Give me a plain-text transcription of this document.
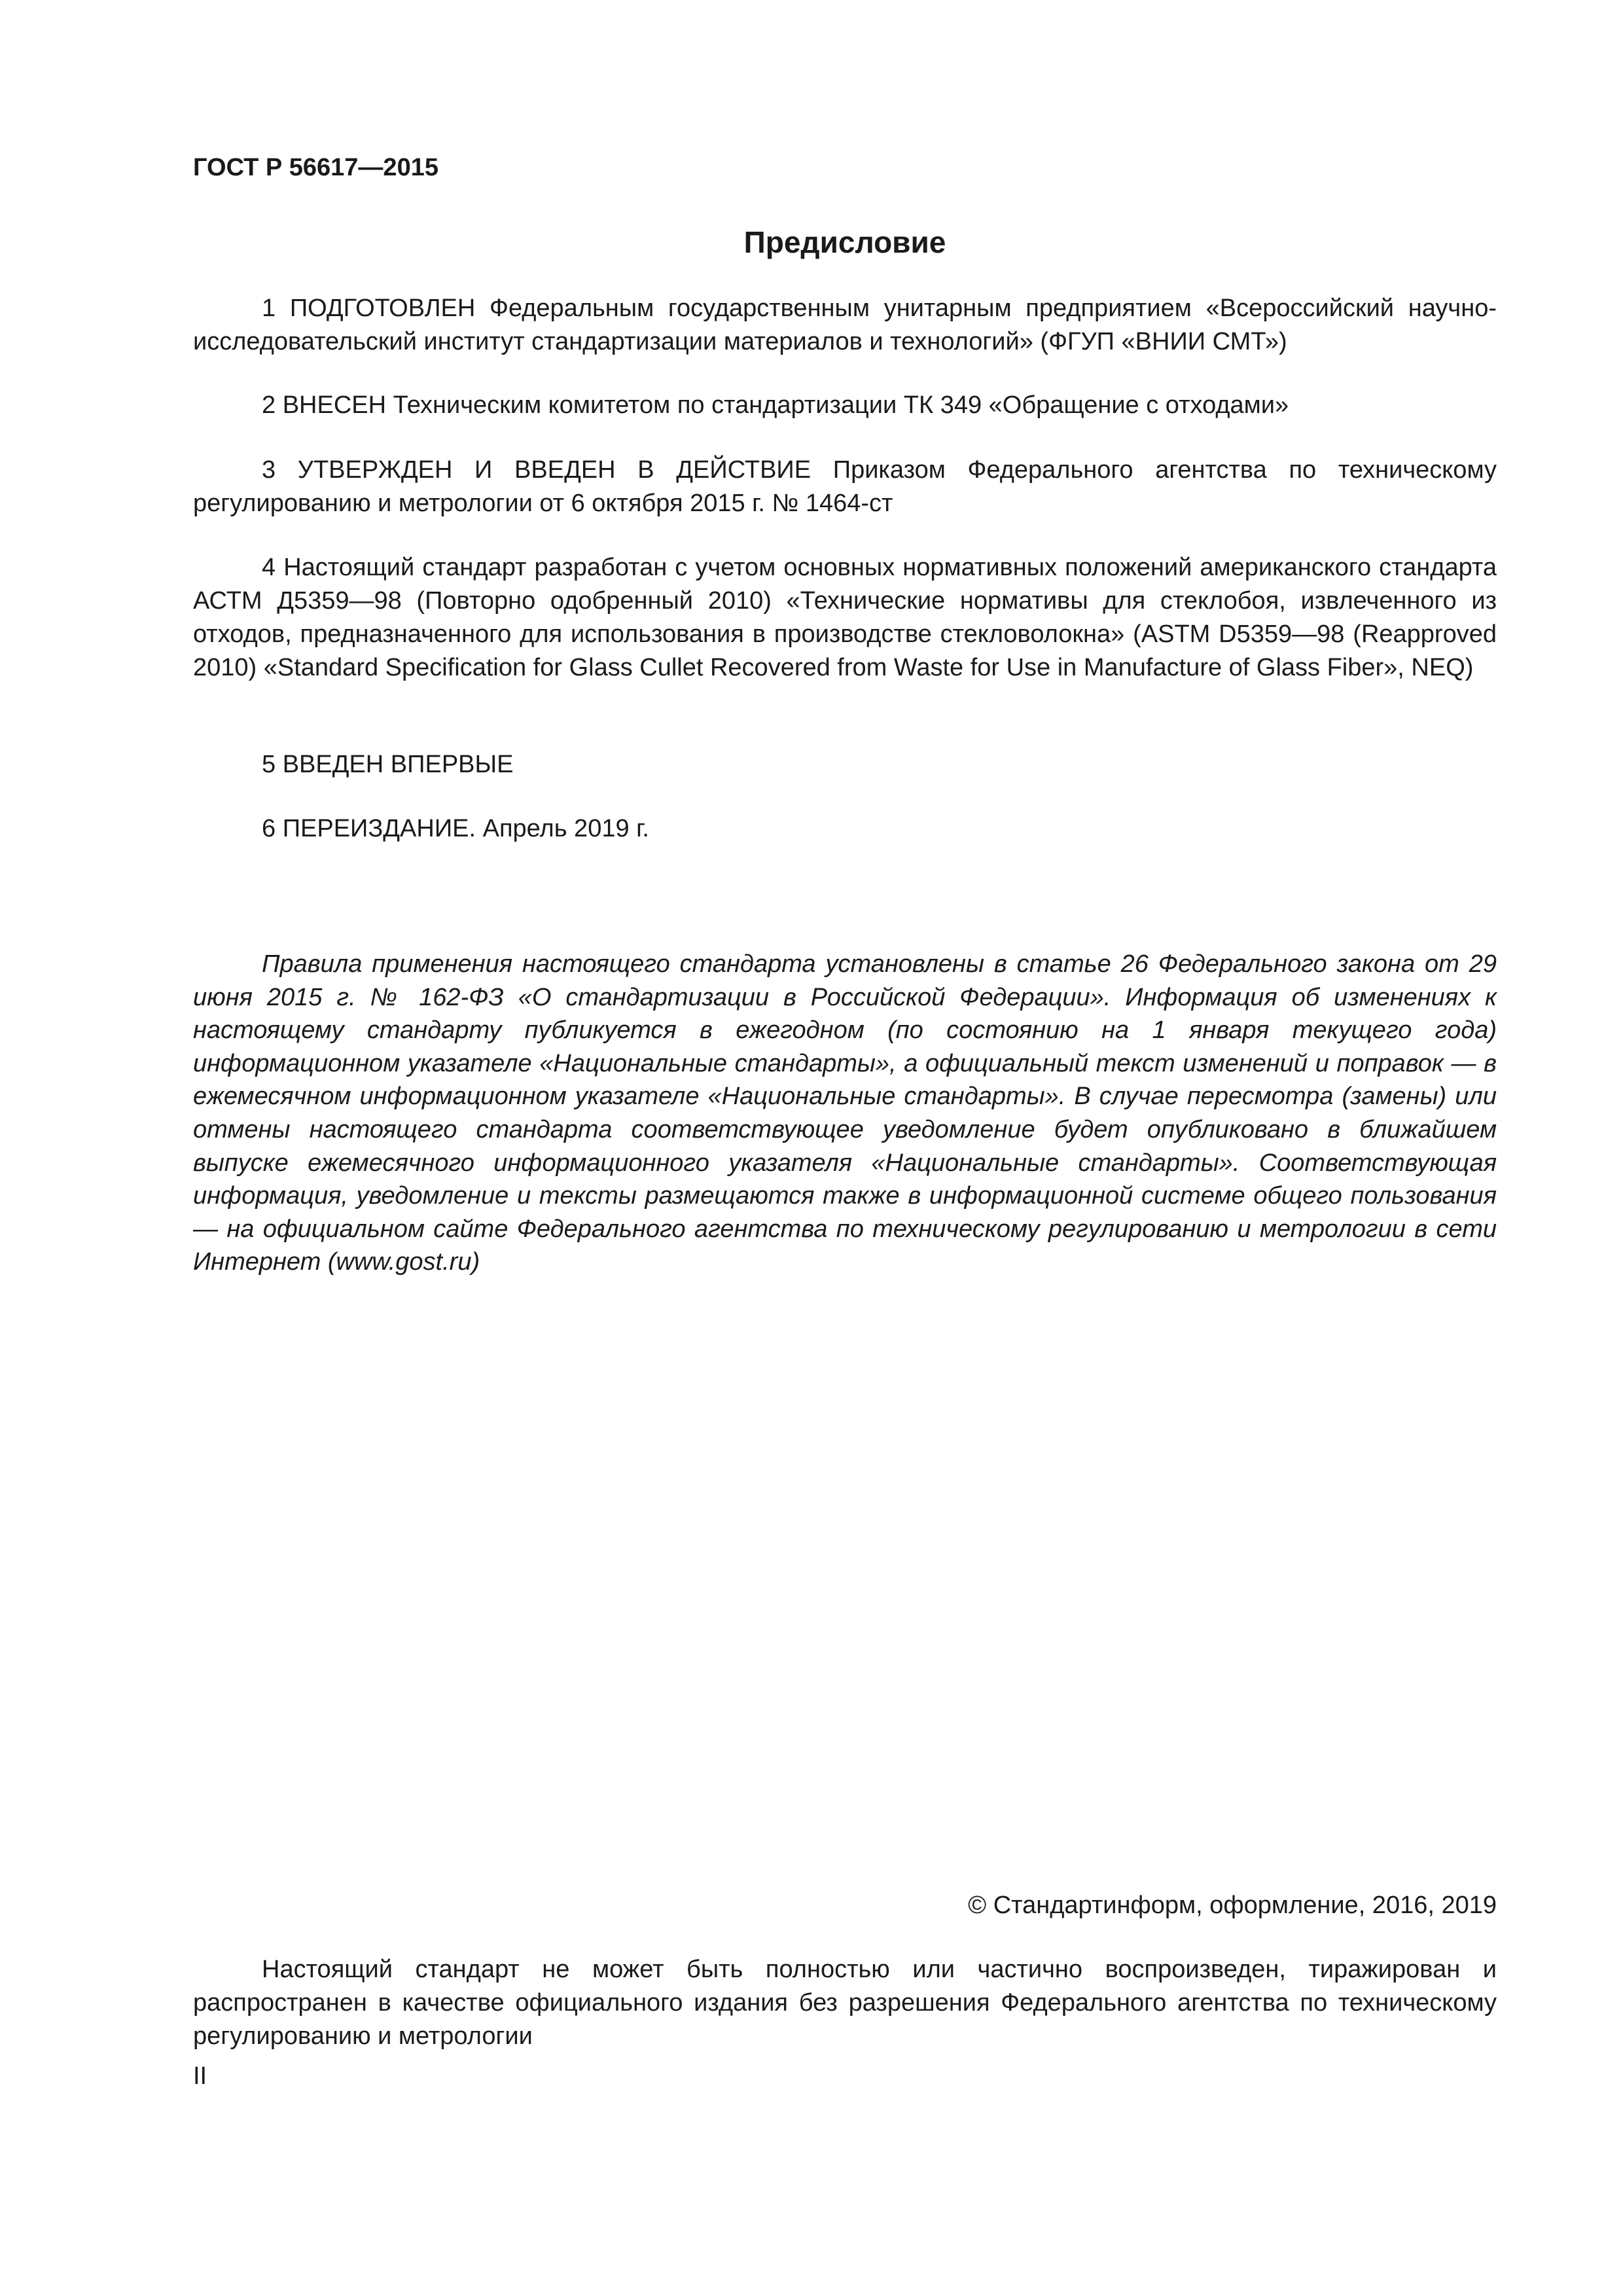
ГОСТ Р 56617—2015
Предисловие

1 ПОДГОТОВЛЕН Федеральным государственным унитарным предприятием «Всероссийский научно-исследовательский институт стандартизации материалов и технологий» (ФГУП «ВНИИ СМТ»)

2 ВНЕСЕН Техническим комитетом по стандартизации ТК 349 «Обращение с отходами»

3 УТВЕРЖДЕН И ВВЕДЕН В ДЕЙСТВИЕ Приказом Федерального агентства по техническому регулированию и метрологии от 6 октября 2015 г. № 1464-ст

4 Настоящий стандарт разработан с учетом основных нормативных положений американского стандарта АСТМ Д5359—98 (Повторно одобренный 2010) «Технические нормативы для стеклобоя, извлеченного из отходов, предназначенного для использования в производстве стекловолокна» (ASTM D5359—98 (Reapproved 2010) «Standard Specification for Glass Cullet Recovered from Waste for Use in Manufacture of Glass Fiber», NEQ)

5 ВВЕДЕН ВПЕРВЫЕ

6 ПЕРЕИЗДАНИЕ. Апрель 2019 г.

Правила применения настоящего стандарта установлены в статье 26 Федерального закона от 29 июня 2015 г. № 162-ФЗ «О стандартизации в Российской Федерации». Информация об изменениях к настоящему стандарту публикуется в ежегодном (по состоянию на 1 января текущего года) информационном указателе «Национальные стандарты», а официальный текст изменений и поправок — в ежемесячном информационном указателе «Национальные стандарты». В случае пересмотра (замены) или отмены настоящего стандарта соответствующее уведомление будет опубликовано в ближайшем выпуске ежемесячного информационного указателя «Национальные стандарты». Соответствующая информация, уведомление и тексты размещаются также в информационной системе общего пользования — на официальном сайте Федерального агентства по техническому регулированию и метрологии в сети Интернет (www.gost.ru)

© Стандартинформ, оформление, 2016, 2019

Настоящий стандарт не может быть полностью или частично воспроизведен, тиражирован и распространен в качестве официального издания без разрешения Федерального агентства по техническому регулированию и метрологии

II
